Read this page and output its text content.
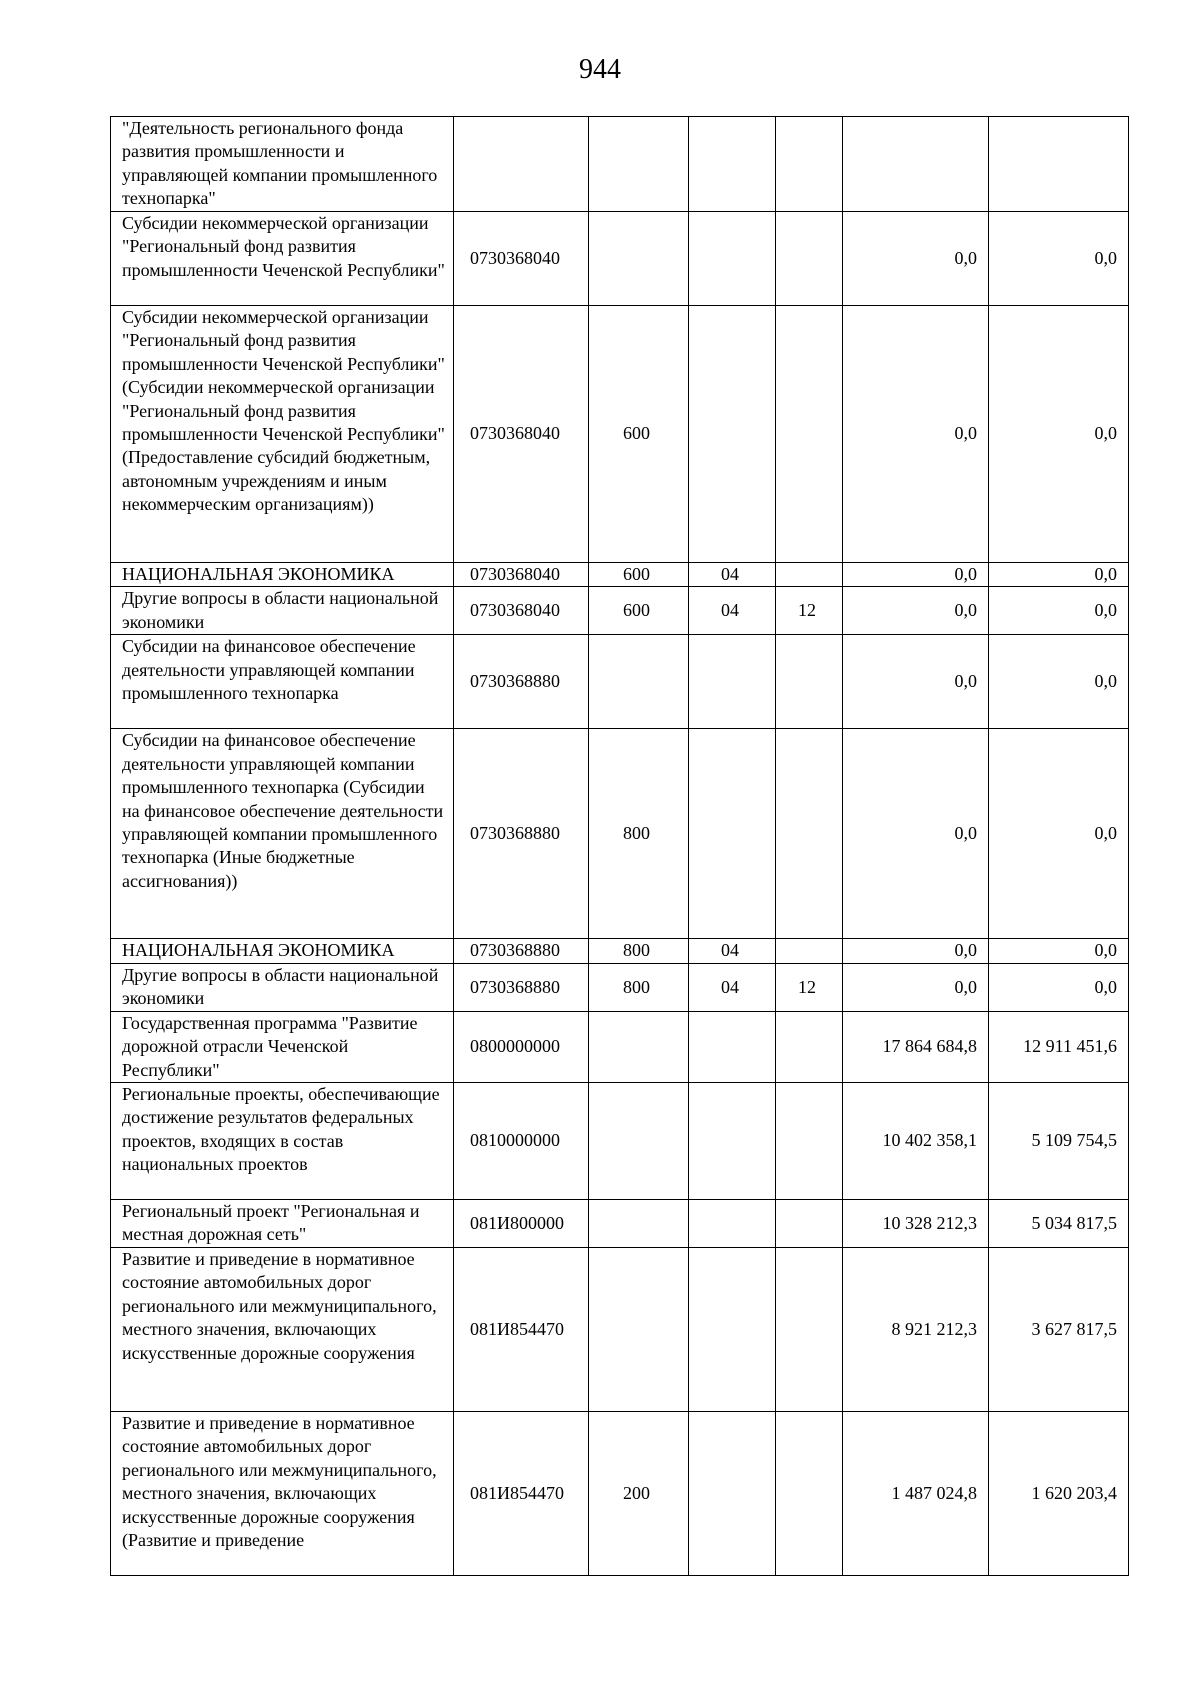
944
"Деятельность регионального фонда развития промышленности и управляющей компании промышленного технопарка"						
Субсидии некоммерческой организации "Региональный фонд развития промышленности Чеченской Республики"	0730368040				0,0	0,0
Субсидии некоммерческой организации "Региональный фонд развития промышленности Чеченской Республики" (Субсидии некоммерческой организации "Региональный фонд развития промышленности Чеченской Республики" (Предоставление субсидий бюджетным, автономным учреждениям и иным некоммерческим организациям))	0730368040	600			0,0	0,0
НАЦИОНАЛЬНАЯ ЭКОНОМИКА	0730368040	600	04		0,0	0,0
Другие вопросы в области национальной экономики	0730368040	600	04	12	0,0	0,0
Субсидии на финансовое обеспечение деятельности управляющей компании промышленного технопарка	0730368880				0,0	0,0
Субсидии на финансовое обеспечение деятельности управляющей компании промышленного технопарка (Субсидии на финансовое обеспечение деятельности управляющей компании промышленного технопарка (Иные бюджетные ассигнования))	0730368880	800			0,0	0,0
НАЦИОНАЛЬНАЯ ЭКОНОМИКА	0730368880	800	04		0,0	0,0
Другие вопросы в области национальной экономики	0730368880	800	04	12	0,0	0,0
Государственная программа "Развитие дорожной отрасли Чеченской Республики"	0800000000				17 864 684,8	12 911 451,6
Региональные проекты, обеспечивающие достижение результатов федеральных проектов, входящих в состав национальных проектов	0810000000				10 402 358,1	5 109 754,5
Региональный проект "Региональная и местная дорожная сеть"	081И800000				10 328 212,3	5 034 817,5
Развитие и приведение в нормативное состояние автомобильных дорог регионального или межмуниципального, местного значения, включающих искусственные дорожные сооружения	081И854470				8 921 212,3	3 627 817,5
Развитие и приведение в нормативное состояние автомобильных дорог регионального или межмуниципального, местного значения, включающих искусственные дорожные сооружения (Развитие и приведение	081И854470	200			1 487 024,8	1 620 203,4
